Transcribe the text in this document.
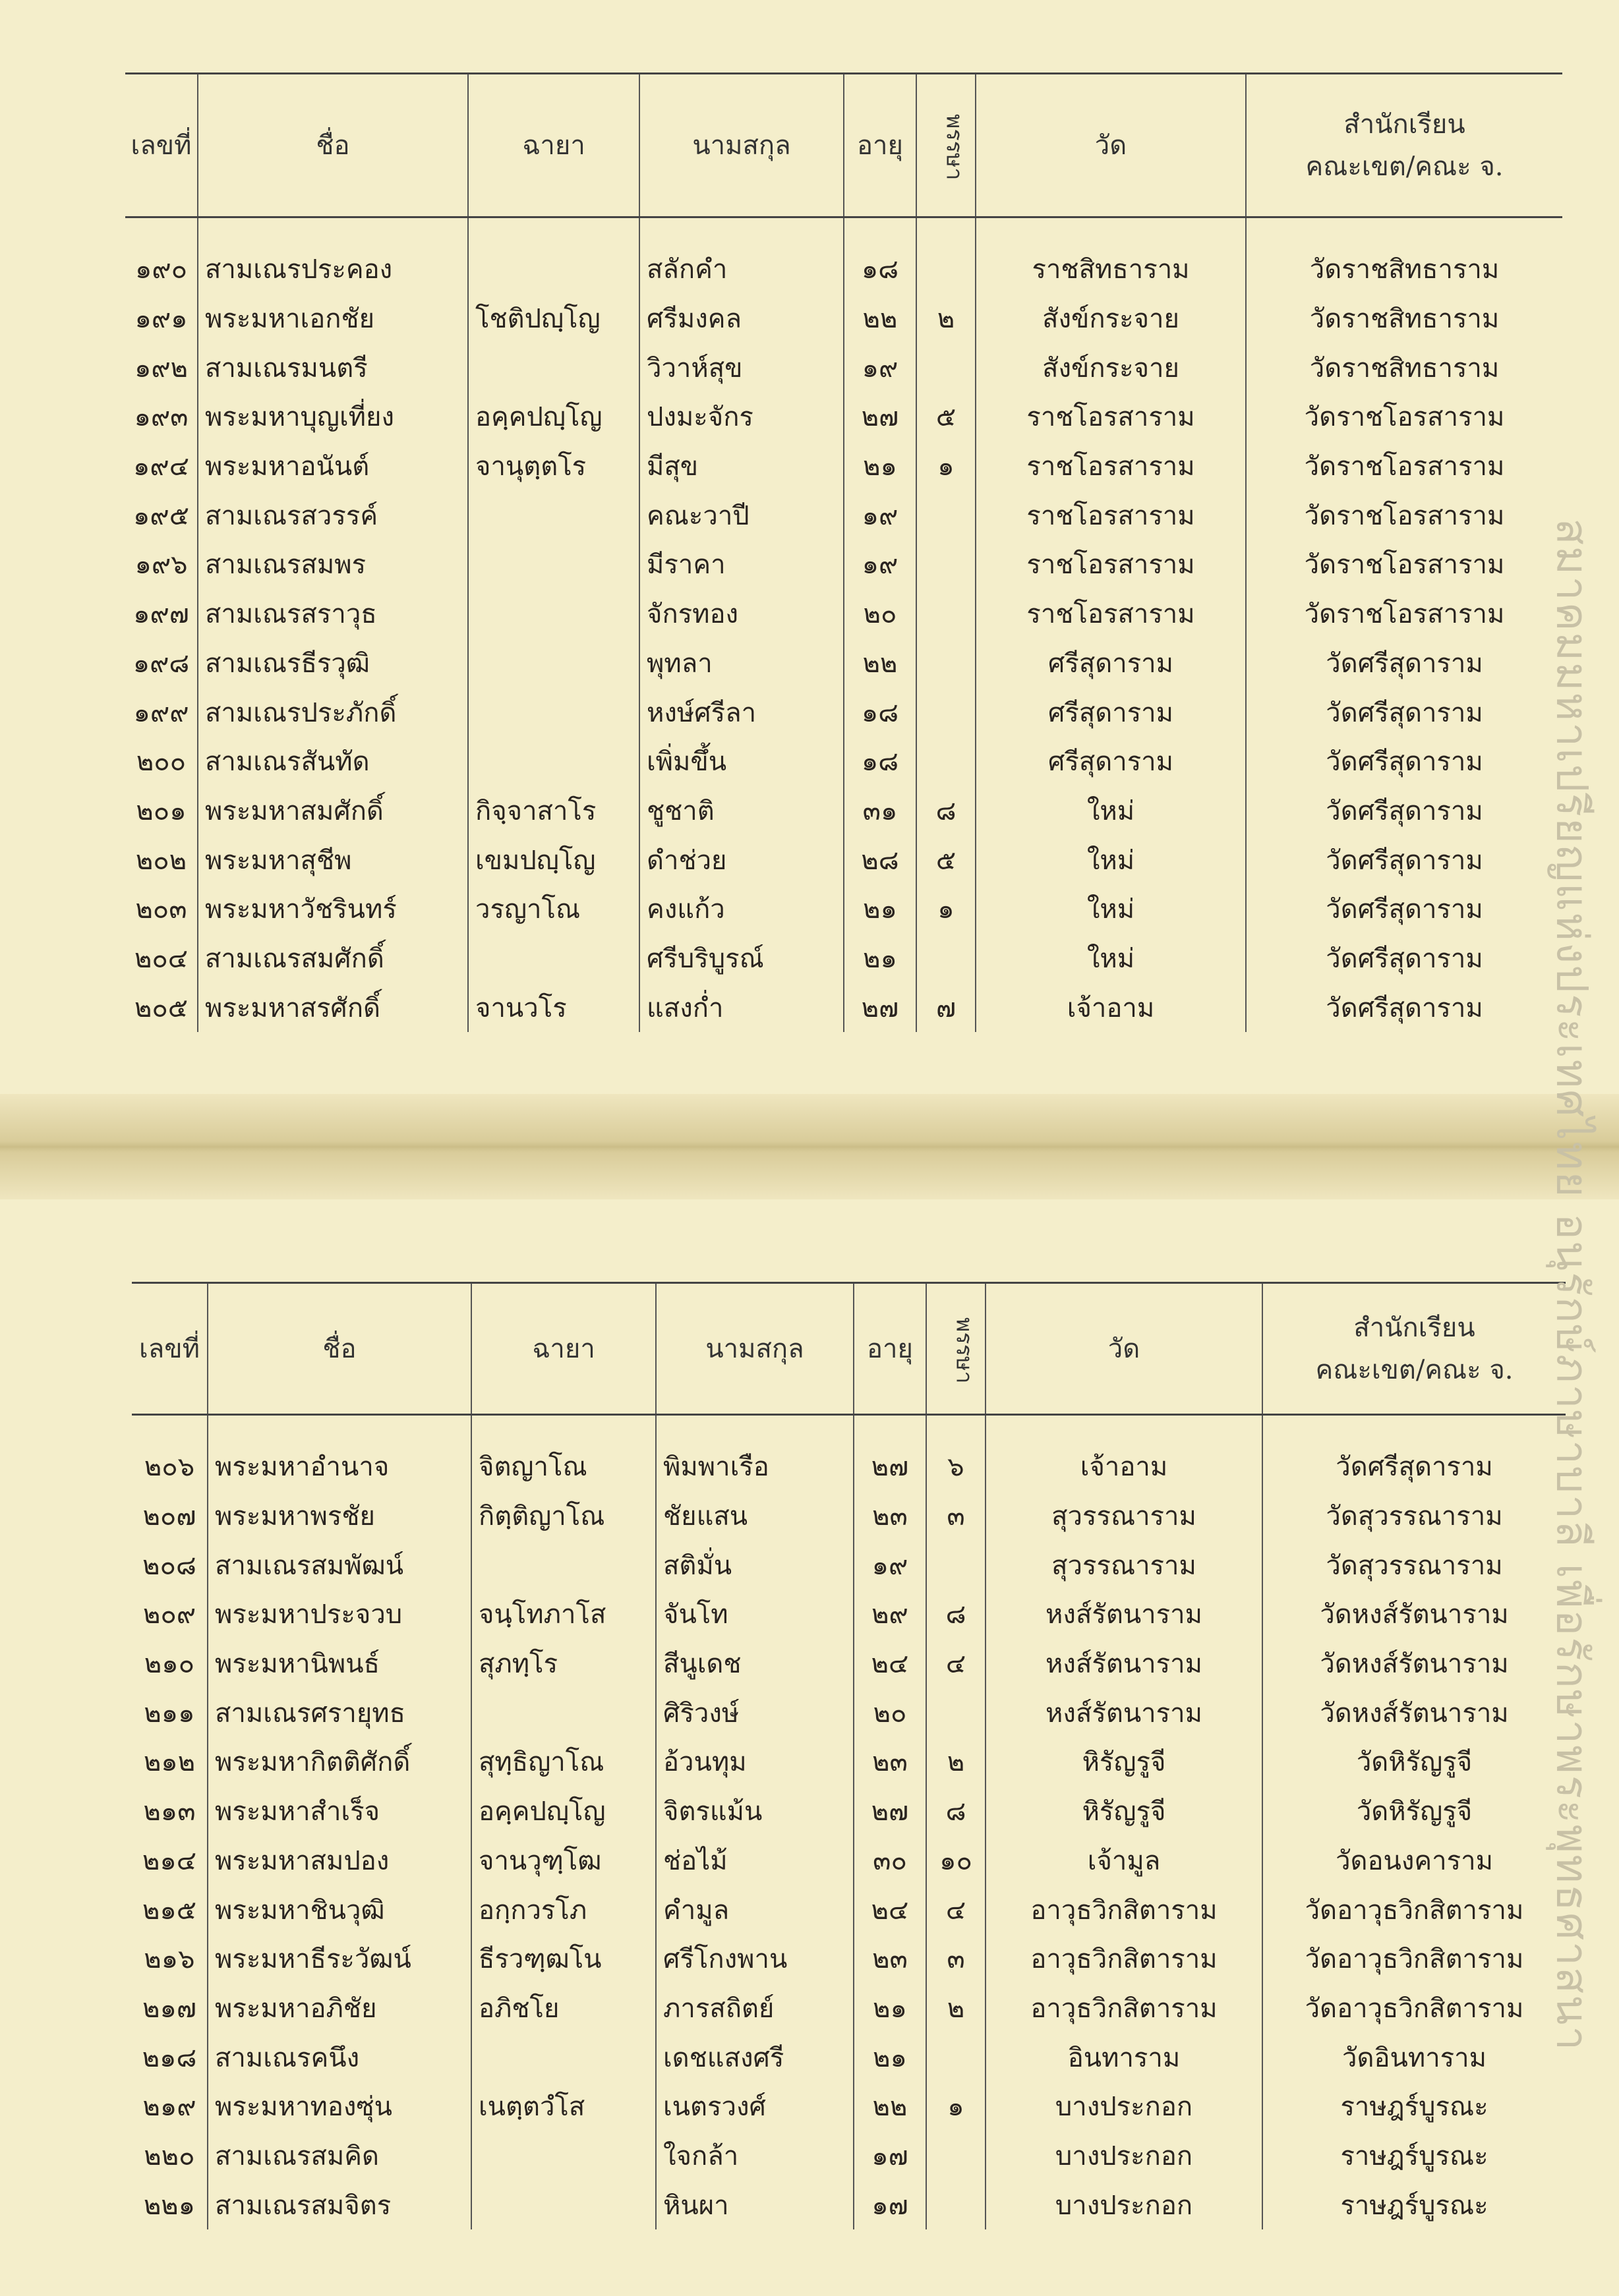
เลขที่	ชื่อ	ฉายา	นามสกุล	อายุ	พรรษา	วัด	สำนักเรียน
คณะเขต/คณะ จ.

๑๙๐	สามเณรประคอง		สลักคำ	๑๘		ราชสิทธาราม	วัดราชสิทธาราม
๑๙๑	พระมหาเอกชัย	โชติปญฺโญ	ศรีมงคล	๒๒	๒	สังข์กระจาย	วัดราชสิทธาราม
๑๙๒	สามเณรมนตรี		วิวาห์สุข	๑๙		สังข์กระจาย	วัดราชสิทธาราม
๑๙๓	พระมหาบุญเที่ยง	อคฺคปญฺโญ	ปงมะจักร	๒๗	๕	ราชโอรสาราม	วัดราชโอรสาราม
๑๙๔	พระมหาอนันต์	จานุตฺตโร	มีสุข	๒๑	๑	ราชโอรสาราม	วัดราชโอรสาราม
๑๙๕	สามเณรสวรรค์		คณะวาปี	๑๙		ราชโอรสาราม	วัดราชโอรสาราม
๑๙๖	สามเณรสมพร		มีราคา	๑๙		ราชโอรสาราม	วัดราชโอรสาราม
๑๙๗	สามเณรสราวุธ		จักรทอง	๒๐		ราชโอรสาราม	วัดราชโอรสาราม
๑๙๘	สามเณรธีรวุฒิ		พุทลา	๒๒		ศรีสุดาราม	วัดศรีสุดาราม
๑๙๙	สามเณรประภักดิ์		หงษ์ศรีลา	๑๘		ศรีสุดาราม	วัดศรีสุดาราม
๒๐๐	สามเณรสันทัด		เพิ่มขึ้น	๑๘		ศรีสุดาราม	วัดศรีสุดาราม
๒๐๑	พระมหาสมศักดิ์	กิจฺจาสาโร	ชูชาติ	๓๑	๘	ใหม่	วัดศรีสุดาราม
๒๐๒	พระมหาสุชีพ	เขมปญฺโญ	ดำช่วย	๒๘	๕	ใหม่	วัดศรีสุดาราม
๒๐๓	พระมหาวัชรินทร์	วรญาโณ	คงแก้ว	๒๑	๑	ใหม่	วัดศรีสุดาราม
๒๐๔	สามเณรสมศักดิ์		ศรีบริบูรณ์	๒๑		ใหม่	วัดศรีสุดาราม
๒๐๕	พระมหาสรศักดิ์	จานวโร	แสงก่ำ	๒๗	๗	เจ้าอาม	วัดศรีสุดาราม
เลขที่	ชื่อ	ฉายา	นามสกุล	อายุ	พรรษา	วัด	สำนักเรียน
คณะเขต/คณะ จ.

๒๐๖	พระมหาอำนาจ	จิตญาโณ	พิมพาเรือ	๒๗	๖	เจ้าอาม	วัดศรีสุดาราม
๒๐๗	พระมหาพรชัย	กิตฺติญาโณ	ชัยแสน	๒๓	๓	สุวรรณาราม	วัดสุวรรณาราม
๒๐๘	สามเณรสมพัฒน์		สติมั่น	๑๙		สุวรรณาราม	วัดสุวรรณาราม
๒๐๙	พระมหาประจวบ	จนฺโทภาโส	จันโท	๒๙	๘	หงส์รัตนาราม	วัดหงส์รัตนาราม
๒๑๐	พระมหานิพนธ์	สุภทฺโร	สีนูเดช	๒๔	๔	หงส์รัตนาราม	วัดหงส์รัตนาราม
๒๑๑	สามเณรศรายุทธ		ศิริวงษ์	๒๐		หงส์รัตนาราม	วัดหงส์รัตนาราม
๒๑๒	พระมหากิตติศักดิ์	สุทฺธิญาโณ	อ้วนทุม	๒๓	๒	หิรัญรูจี	วัดหิรัญรูจี
๒๑๓	พระมหาสำเร็จ	อคฺคปญฺโญ	จิตรแม้น	๒๗	๘	หิรัญรูจี	วัดหิรัญรูจี
๒๑๔	พระมหาสมปอง	จานวุฑฺโฒ	ช่อไม้	๓๐	๑๐	เจ้ามูล	วัดอนงคาราม
๒๑๕	พระมหาชินวุฒิ	อกฺกวรโภ	คำมูล	๒๔	๔	อาวุธวิกสิตาราม	วัดอาวุธวิกสิตาราม
๒๑๖	พระมหาธีระวัฒน์	ธีรวฑฺฒโน	ศรีโกงพาน	๒๓	๓	อาวุธวิกสิตาราม	วัดอาวุธวิกสิตาราม
๒๑๗	พระมหาอภิชัย	อภิชโย	ภารสถิตย์	๒๑	๒	อาวุธวิกสิตาราม	วัดอาวุธวิกสิตาราม
๒๑๘	สามเณรคนึง		เดชแสงศรี	๒๑		อินทาราม	วัดอินทาราม
๒๑๙	พระมหาทองซุ่น	เนตฺตวํโส	เนตรวงศ์	๒๒	๑	บางประกอก	ราษฎร์บูรณะ
๒๒๐	สามเณรสมคิด		ใจกล้า	๑๗		บางประกอก	ราษฎร์บูรณะ
๒๒๑	สามเณรสมจิตร		หินผา	๑๗		บางประกอก	ราษฎร์บูรณะ
สมาคมมหาเปรียญแห่งประเทศไทย อนุรักษ์ภาษาบาลี เพื่อรักษาพระพุทธศาสนา
